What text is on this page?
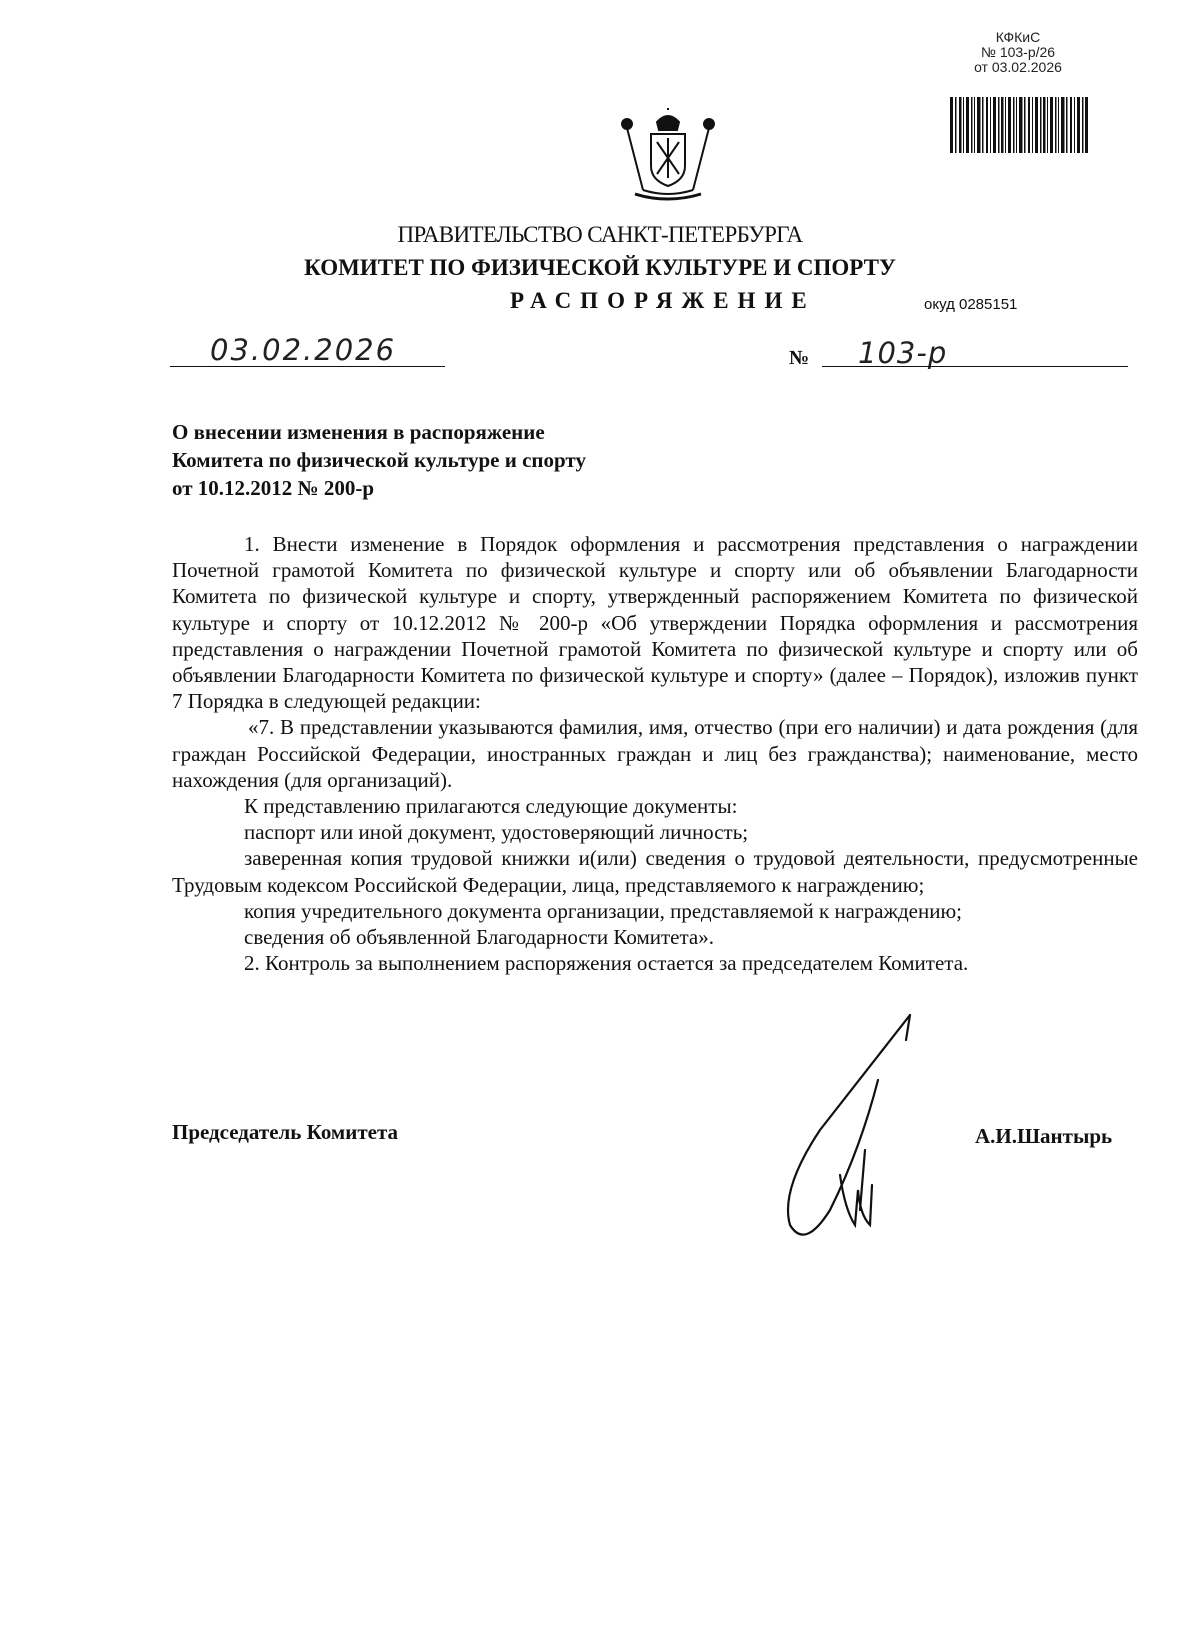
КФКиС
№ 103-р/26
от 03.02.2026
ПРАВИТЕЛЬСТВО САНКТ-ПЕТЕРБУРГА
КОМИТЕТ ПО ФИЗИЧЕСКОЙ КУЛЬТУРЕ И СПОРТУ
РАСПОРЯЖЕНИЕ	окуд 0285151
03.02.2026	№ 103-р
О внесении изменения в распоряжение
Комитета по физической культуре и спорту
от 10.12.2012 № 200-р

1. Внести изменение в Порядок оформления и рассмотрения представления о награждении Почетной грамотой Комитета по физической культуре и спорту или об объявлении Благодарности Комитета по физической культуре и спорту, утвержденный распоряжением Комитета по физической культуре и спорту от 10.12.2012 № 200-р «Об утверждении Порядка оформления и рассмотрения представления о награждении Почетной грамотой Комитета по физической культуре и спорту или об объявлении Благодарности Комитета по физической культуре и спорту» (далее – Порядок), изложив пункт 7 Порядка в следующей редакции:

«7. В представлении указываются фамилия, имя, отчество (при его наличии) и дата рождения (для граждан Российской Федерации, иностранных граждан и лиц без гражданства); наименование, место нахождения (для организаций).

К представлению прилагаются следующие документы:

паспорт или иной документ, удостоверяющий личность;

заверенная копия трудовой книжки и(или) сведения о трудовой деятельности, предусмотренные Трудовым кодексом Российской Федерации, лица, представляемого к награждению;

копия учредительного документа организации, представляемой к награждению;

сведения об объявленной Благодарности Комитета».

2. Контроль за выполнением распоряжения остается за председателем Комитета.

Председатель Комитета	А.И.Шантырь
